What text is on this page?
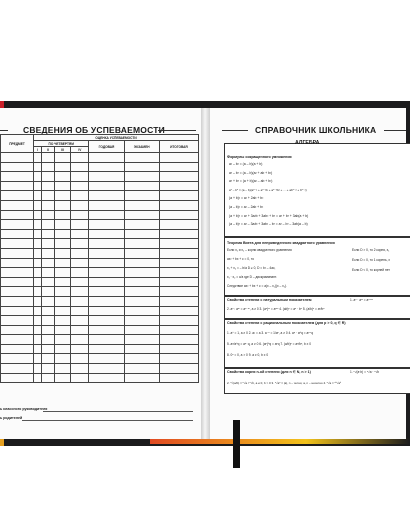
СВЕДЕНИЯ ОБ УСПЕВАЕМОСТИ
ПРЕДМЕТ	ОЦЕНКА УСПЕВАЕМОСТИ						
	ПО ЧЕТВЕРТЯМ				ГОДОВАЯ	ЭКЗАМЕН	ИТОГОВАЯ
	I	II	III	IV			

ь классного руководителя
ь родителей
СПРАВОЧНИК ШКОЛЬНИКА
АЛГЕБРА
Формулы сокращенного умножения
Теорема Виета для неприведенного квадратного уравнения
Свойства степени с натуральным показателем
Свойства степени с рациональным показателем (для p > 0, q ∈ R)
Свойства корня n-ой степени (для n ∈ N, n > 1)
a² – b² = (a – b)(a + b)
a³ – b³ = (a – b)(a² + ab + b²)
a³ + b³ = (a + b)(a² – ab + b²)
aⁿ – bⁿ = (a – b)(aⁿ⁻¹ + aⁿ⁻²b + aⁿ⁻³b² + ... + abⁿ⁻² + bⁿ⁻¹)
(a + b)² = a² + 2ab + b²
(a – b)² = a² – 2ab + b²
(a + b)³ = a³ + 3a²b + 3ab² + b³ = a³ + b³ + 3ab(a + b)
(a – b)³ = a³ – 3a²b + 3ab² – b³ = a³ – b³ – 3ab(a – b)
Если x₁ и x₂ – корни квадратного уравнения
ax² + bx + c = 0, то
x₁ + x₂ = – b/a D ≥ 0, D = b² – 4ac,
x₁ · x₂ = c/a где D – дискриминант.
Следствие ax² + bx + c = a(x – x₁)(x – x₂).
Если D > 0, то 2 корня, x₁
Если D = 0, то 1 корень, x
Если D < 0, то корней нет
1. aⁿ · aᵐ = aⁿ⁺ᵐ
2. aⁿ : aᵐ = aⁿ⁻ᵐ, a ≠ 0 3. (aⁿ)ᵐ = aⁿᵐ 4. (ab)ⁿ = aⁿ · bⁿ 5. (a/b)ⁿ = aⁿ/bⁿ
1. a⁰ = 1, a ≠ 0 2. a¹ = a 3. a⁻ⁿ = 1/aⁿ, a ≠ 0 4. aᵖ · a^q = aᵖ⁺q
5. aᵖ/a^q = aᵖ⁻q, a ≠ 0 6. (aᵖ)^q = aᵖq 7. (a/b)ᵖ = aᵖ/bᵖ, b ≠ 0
8. 0ⁿ = 0, a > 0 9. a ≠ 0, b ≠ 0
1. ⁿ√(a·b) = ⁿ√a · ⁿ√b
2. ⁿ√(a/b) = ⁿ√a / ⁿ√b, a ≥ 0, b > 0 3. ⁿ√aⁿ = |a|, n – четно; a, n – нечетно 4. ⁿ√a = ⁿᵏ√aᵏ
